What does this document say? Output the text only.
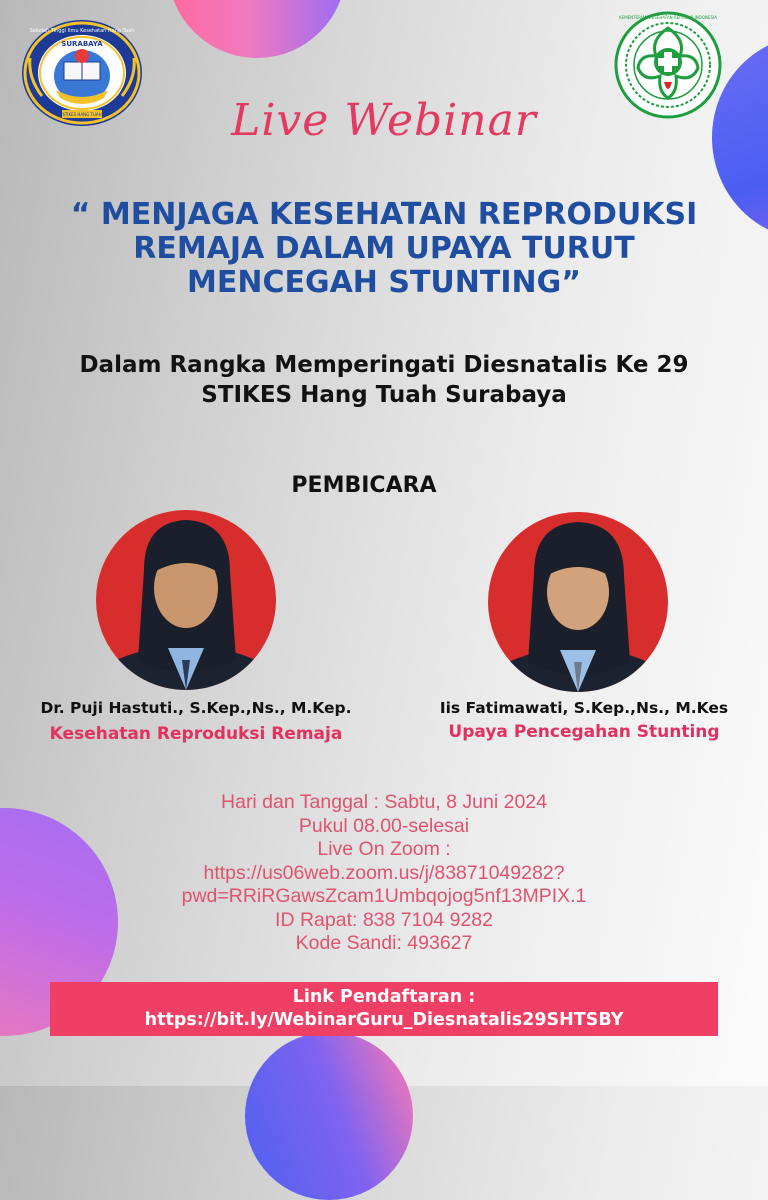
Sekolah Tinggi Ilmu Kesehatan Hang Tuah
SURABAYA
STIKES HANG TUAH
KEMENTERIAN KESEHATAN REPUBLIK INDONESIA
Live Webinar
“ MENJAGA KESEHATAN REPRODUKSI
REMAJA DALAM UPAYA TURUT
MENCEGAH STUNTING”
Dalam Rangka Memperingati Diesnatalis Ke 29
STIKES Hang Tuah Surabaya
PEMBICARA
Dr. Puji Hastuti., S.Kep.,Ns., M.Kep.
Kesehatan Reproduksi Remaja
Iis Fatimawati, S.Kep.,Ns., M.Kes
Upaya Pencegahan Stunting
Hari dan Tanggal : Sabtu, 8 Juni 2024
Pukul 08.00-selesai
Live On Zoom :
https://us06web.zoom.us/j/83871049282?
pwd=RRiRGawsZcam1Umbqojog5nf13MPIX.1
ID Rapat: 838 7104 9282
Kode Sandi: 493627
Link Pendaftaran :
https://bit.ly/WebinarGuru_Diesnatalis29SHTSBY
